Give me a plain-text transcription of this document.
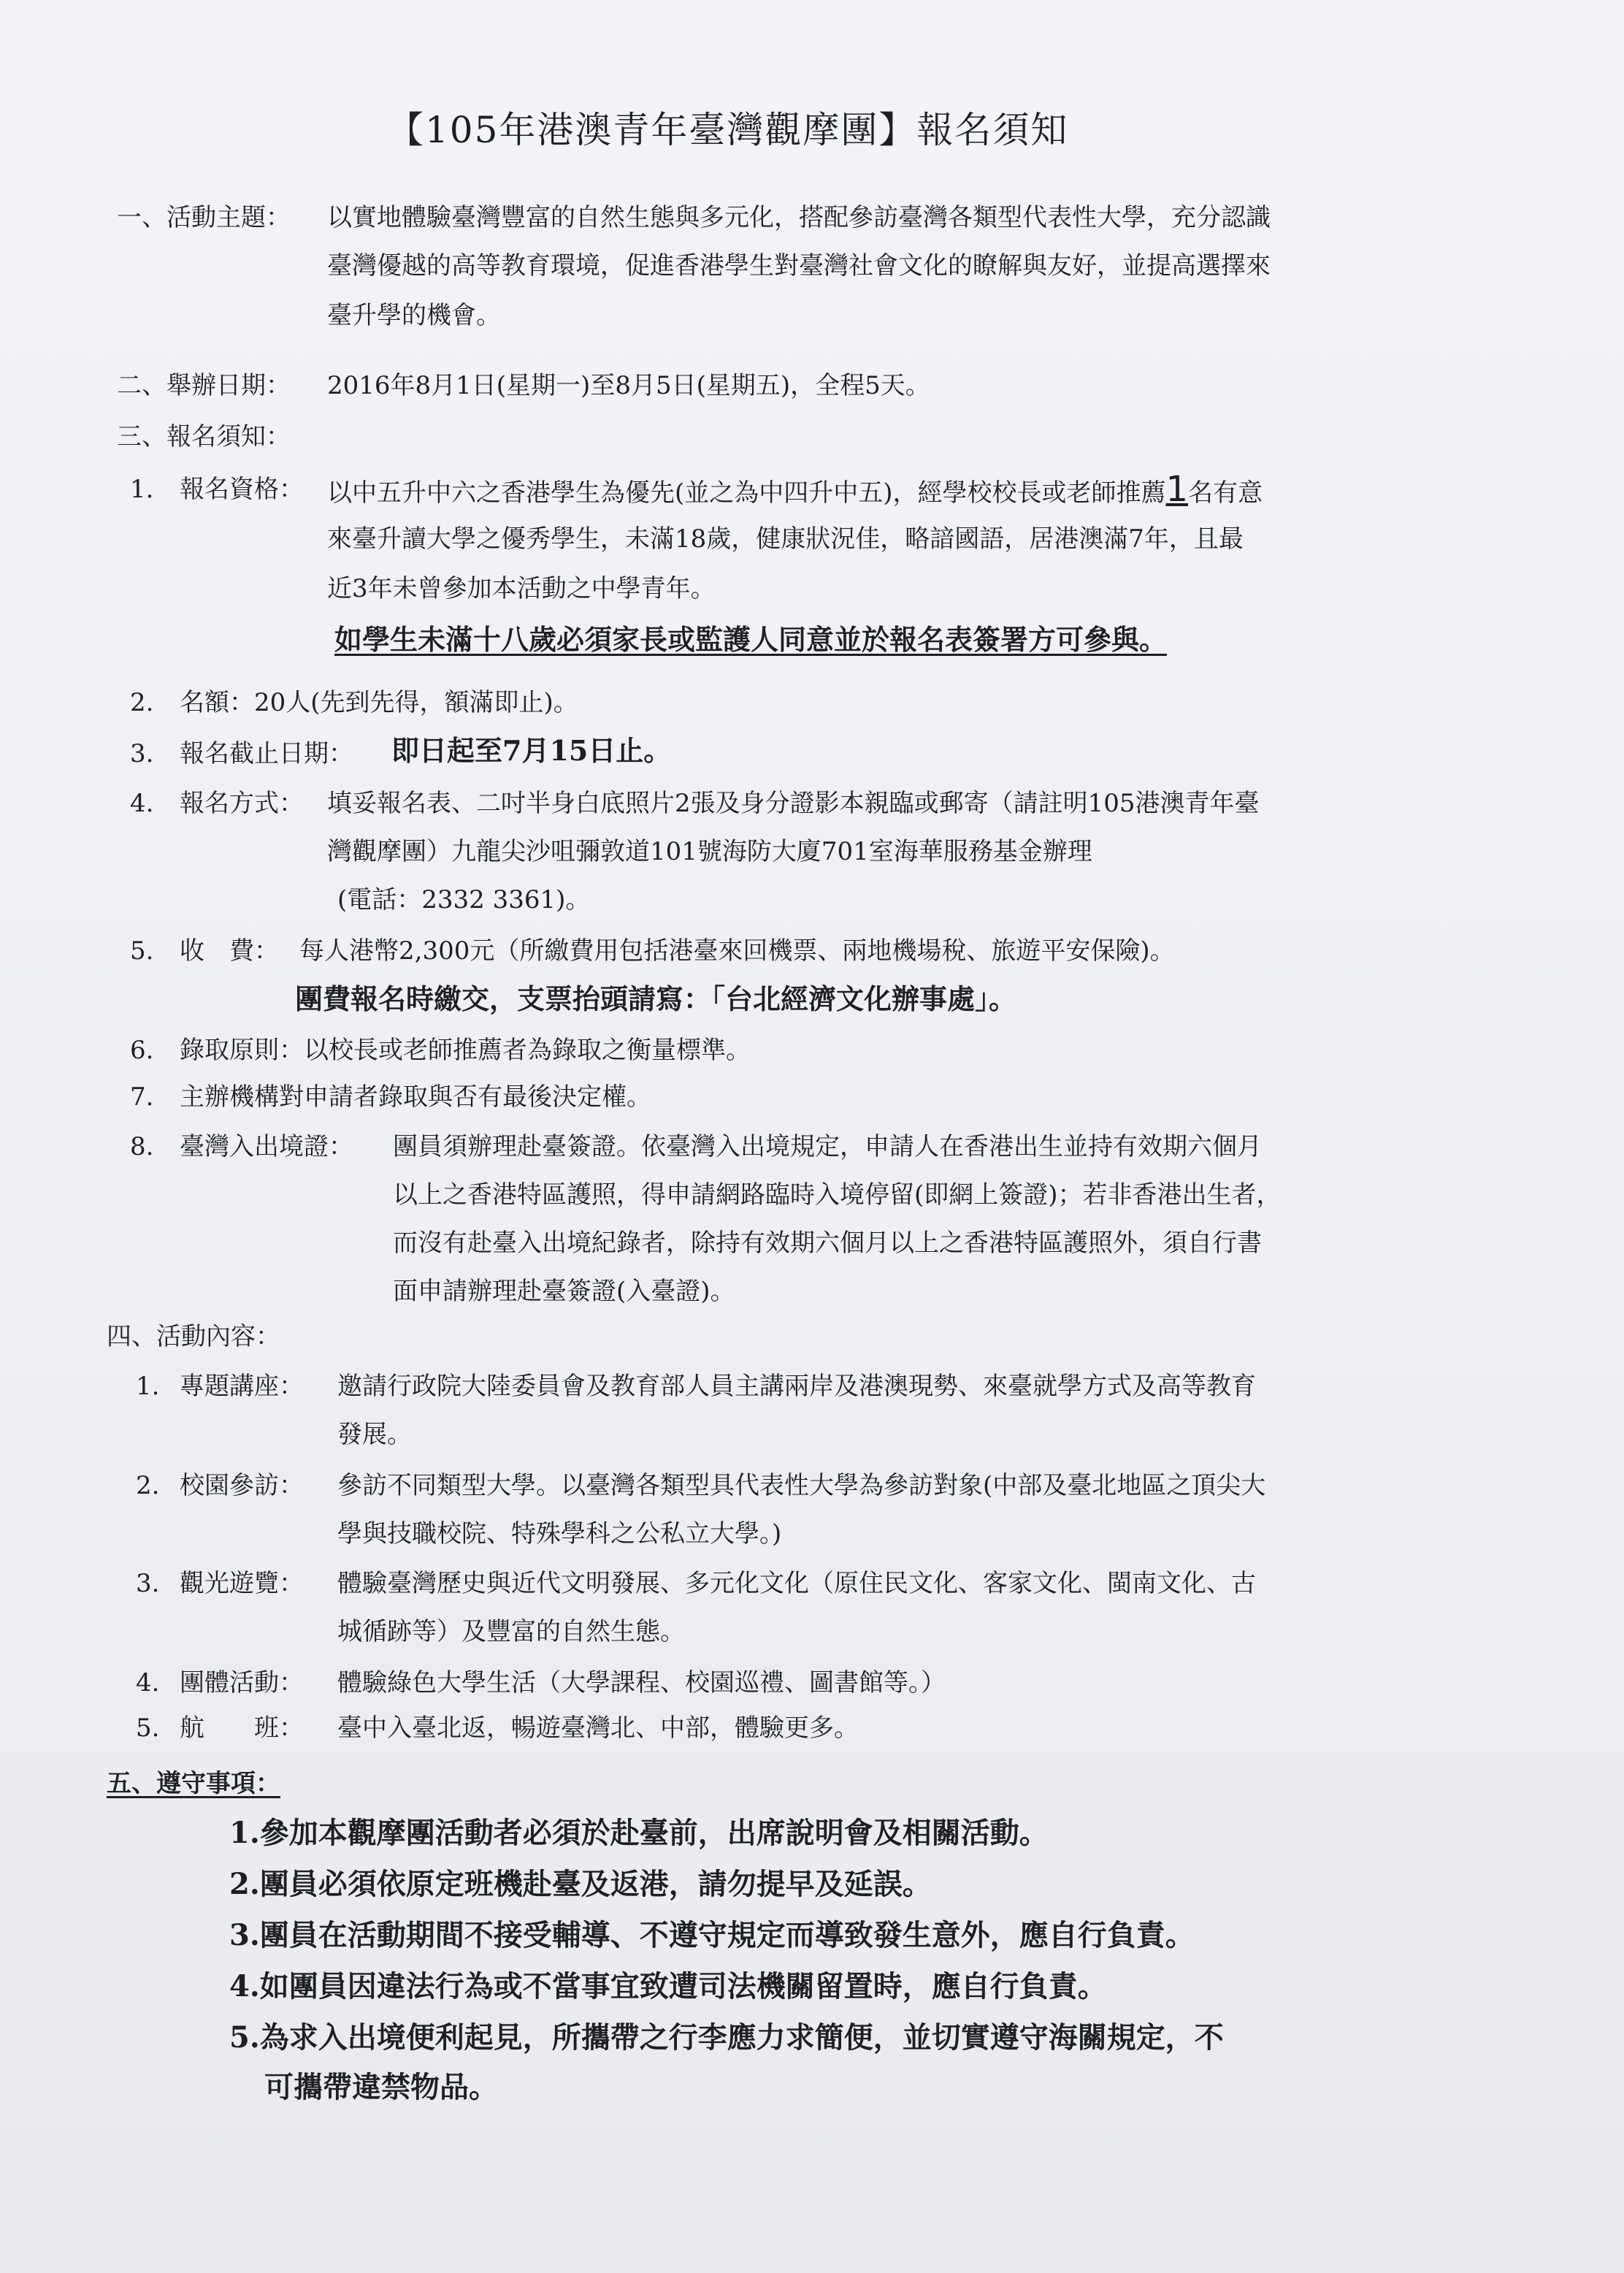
【105年港澳青年臺灣觀摩團】報名須知
一、活動主題： 以實地體驗臺灣豐富的自然生態與多元化，搭配參訪臺灣各類型代表性大學，充分認識
臺灣優越的高等教育環境，促進香港學生對臺灣社會文化的瞭解與友好，並提高選擇來
臺升學的機會。
二、舉辦日期： 2016年8月1日(星期一)至8月5日(星期五)，全程5天。
三、報名須知：
1. 報名資格： 以中五升中六之香港學生為優先(並之為中四升中五)，經學校校長或老師推薦1名有意
來臺升讀大學之優秀學生，未滿18歲，健康狀況佳，略諳國語，居港澳滿7年，且最
近3年未曾參加本活動之中學青年。
如學生未滿十八歲必須家長或監護人同意並於報名表簽署方可參與。
2. 名額：20人(先到先得，額滿即止)。
3. 報名截止日期： 即日起至7月15日止。
4. 報名方式： 填妥報名表、二吋半身白底照片2張及身分證影本親臨或郵寄（請註明105港澳青年臺
灣觀摩團）九龍尖沙咀彌敦道101號海防大廈701室海華服務基金辦理
(電話：2332 3361)。
5. 收　費： 每人港幣2,300元（所繳費用包括港臺來回機票、兩地機場稅、旅遊平安保險)。
團費報名時繳交，支票抬頭請寫：「台北經濟文化辦事處」。
6. 錄取原則：以校長或老師推薦者為錄取之衡量標準。
7. 主辦機構對申請者錄取與否有最後決定權。
8. 臺灣入出境證： 團員須辦理赴臺簽證。依臺灣入出境規定，申請人在香港出生並持有效期六個月
以上之香港特區護照，得申請網路臨時入境停留(即網上簽證)；若非香港出生者，
而沒有赴臺入出境紀錄者，除持有效期六個月以上之香港特區護照外，須自行書
面申請辦理赴臺簽證(入臺證)。
四、活動內容：
1. 專題講座： 邀請行政院大陸委員會及教育部人員主講兩岸及港澳現勢、來臺就學方式及高等教育
發展。
2. 校園參訪： 參訪不同類型大學。以臺灣各類型具代表性大學為參訪對象(中部及臺北地區之頂尖大
學與技職校院、特殊學科之公私立大學。)
3. 觀光遊覽： 體驗臺灣歷史與近代文明發展、多元化文化（原住民文化、客家文化、閩南文化、古
城循跡等）及豐富的自然生態。
4. 團體活動： 體驗綠色大學生活（大學課程、校園巡禮、圖書館等。）
5. 航　　班： 臺中入臺北返，暢遊臺灣北、中部，體驗更多。
五、遵守事項：
1.參加本觀摩團活動者必須於赴臺前，出席說明會及相關活動。
2.團員必須依原定班機赴臺及返港，請勿提早及延誤。
3.團員在活動期間不接受輔導、不遵守規定而導致發生意外，應自行負責。
4.如團員因違法行為或不當事宜致遭司法機關留置時，應自行負責。
5.為求入出境便利起見，所攜帶之行李應力求簡便，並切實遵守海關規定，不
可攜帶違禁物品。
